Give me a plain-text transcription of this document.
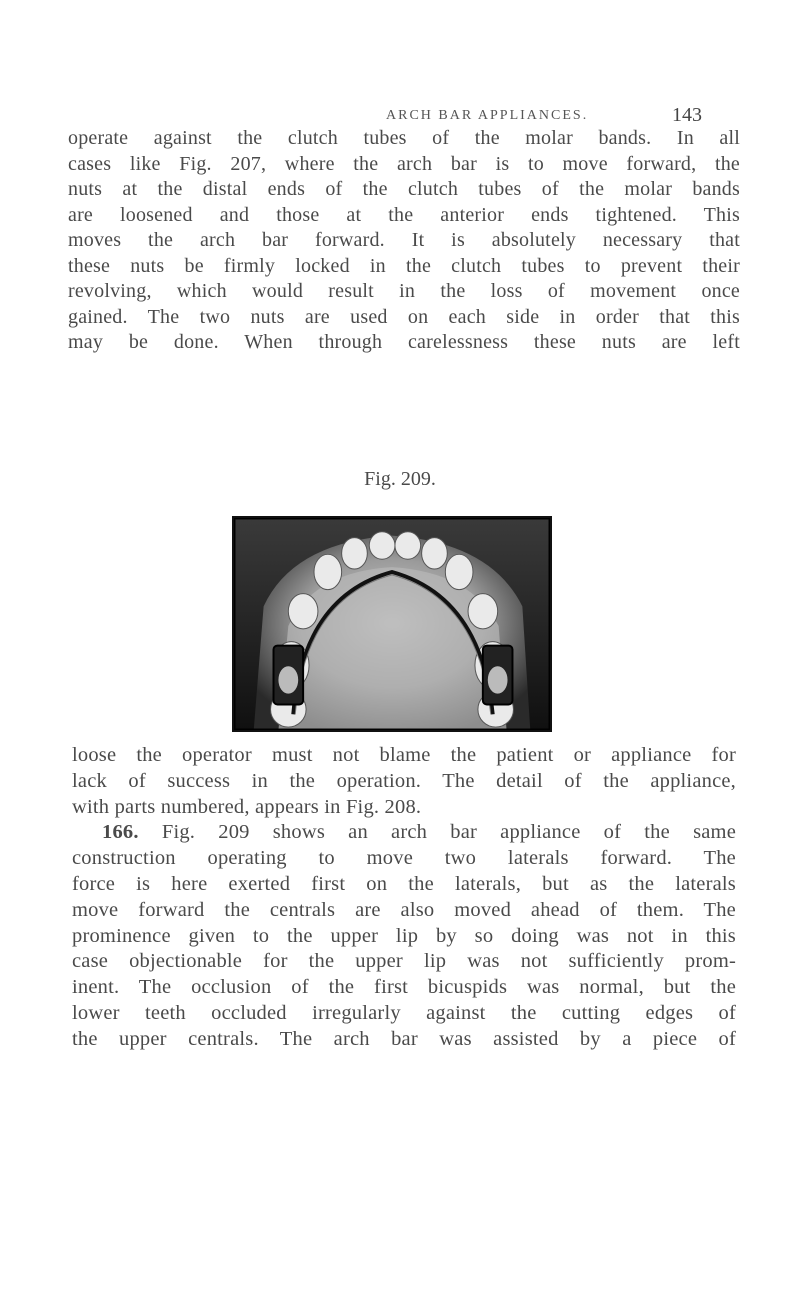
ARCH BAR APPLIANCES.	143
operate against the clutch tubes of the molar bands. In all
cases like Fig. 207, where the arch bar is to move forward, the
nuts at the distal ends of the clutch tubes of the molar bands
are loosened and those at the anterior ends tightened. This
moves the arch bar forward. It is absolutely necessary that
these nuts be firmly locked in the clutch tubes to prevent their
revolving, which would result in the loss of movement once
gained. The two nuts are used on each side in order that this
may be done. When through carelessness these nuts are left
Fig. 209.
loose the operator must not blame the patient or appliance for
lack of success in the operation. The detail of the appliance,
with parts numbered, appears in Fig. 208.
166. Fig. 209 shows an arch bar appliance of the same
construction operating to move two laterals forward. The
force is here exerted first on the laterals, but as the laterals
move forward the centrals are also moved ahead of them. The
prominence given to the upper lip by so doing was not in this
case objectionable for the upper lip was not sufficiently prom-
inent. The occlusion of the first bicuspids was normal, but the
lower teeth occluded irregularly against the cutting edges of
the upper centrals. The arch bar was assisted by a piece of
